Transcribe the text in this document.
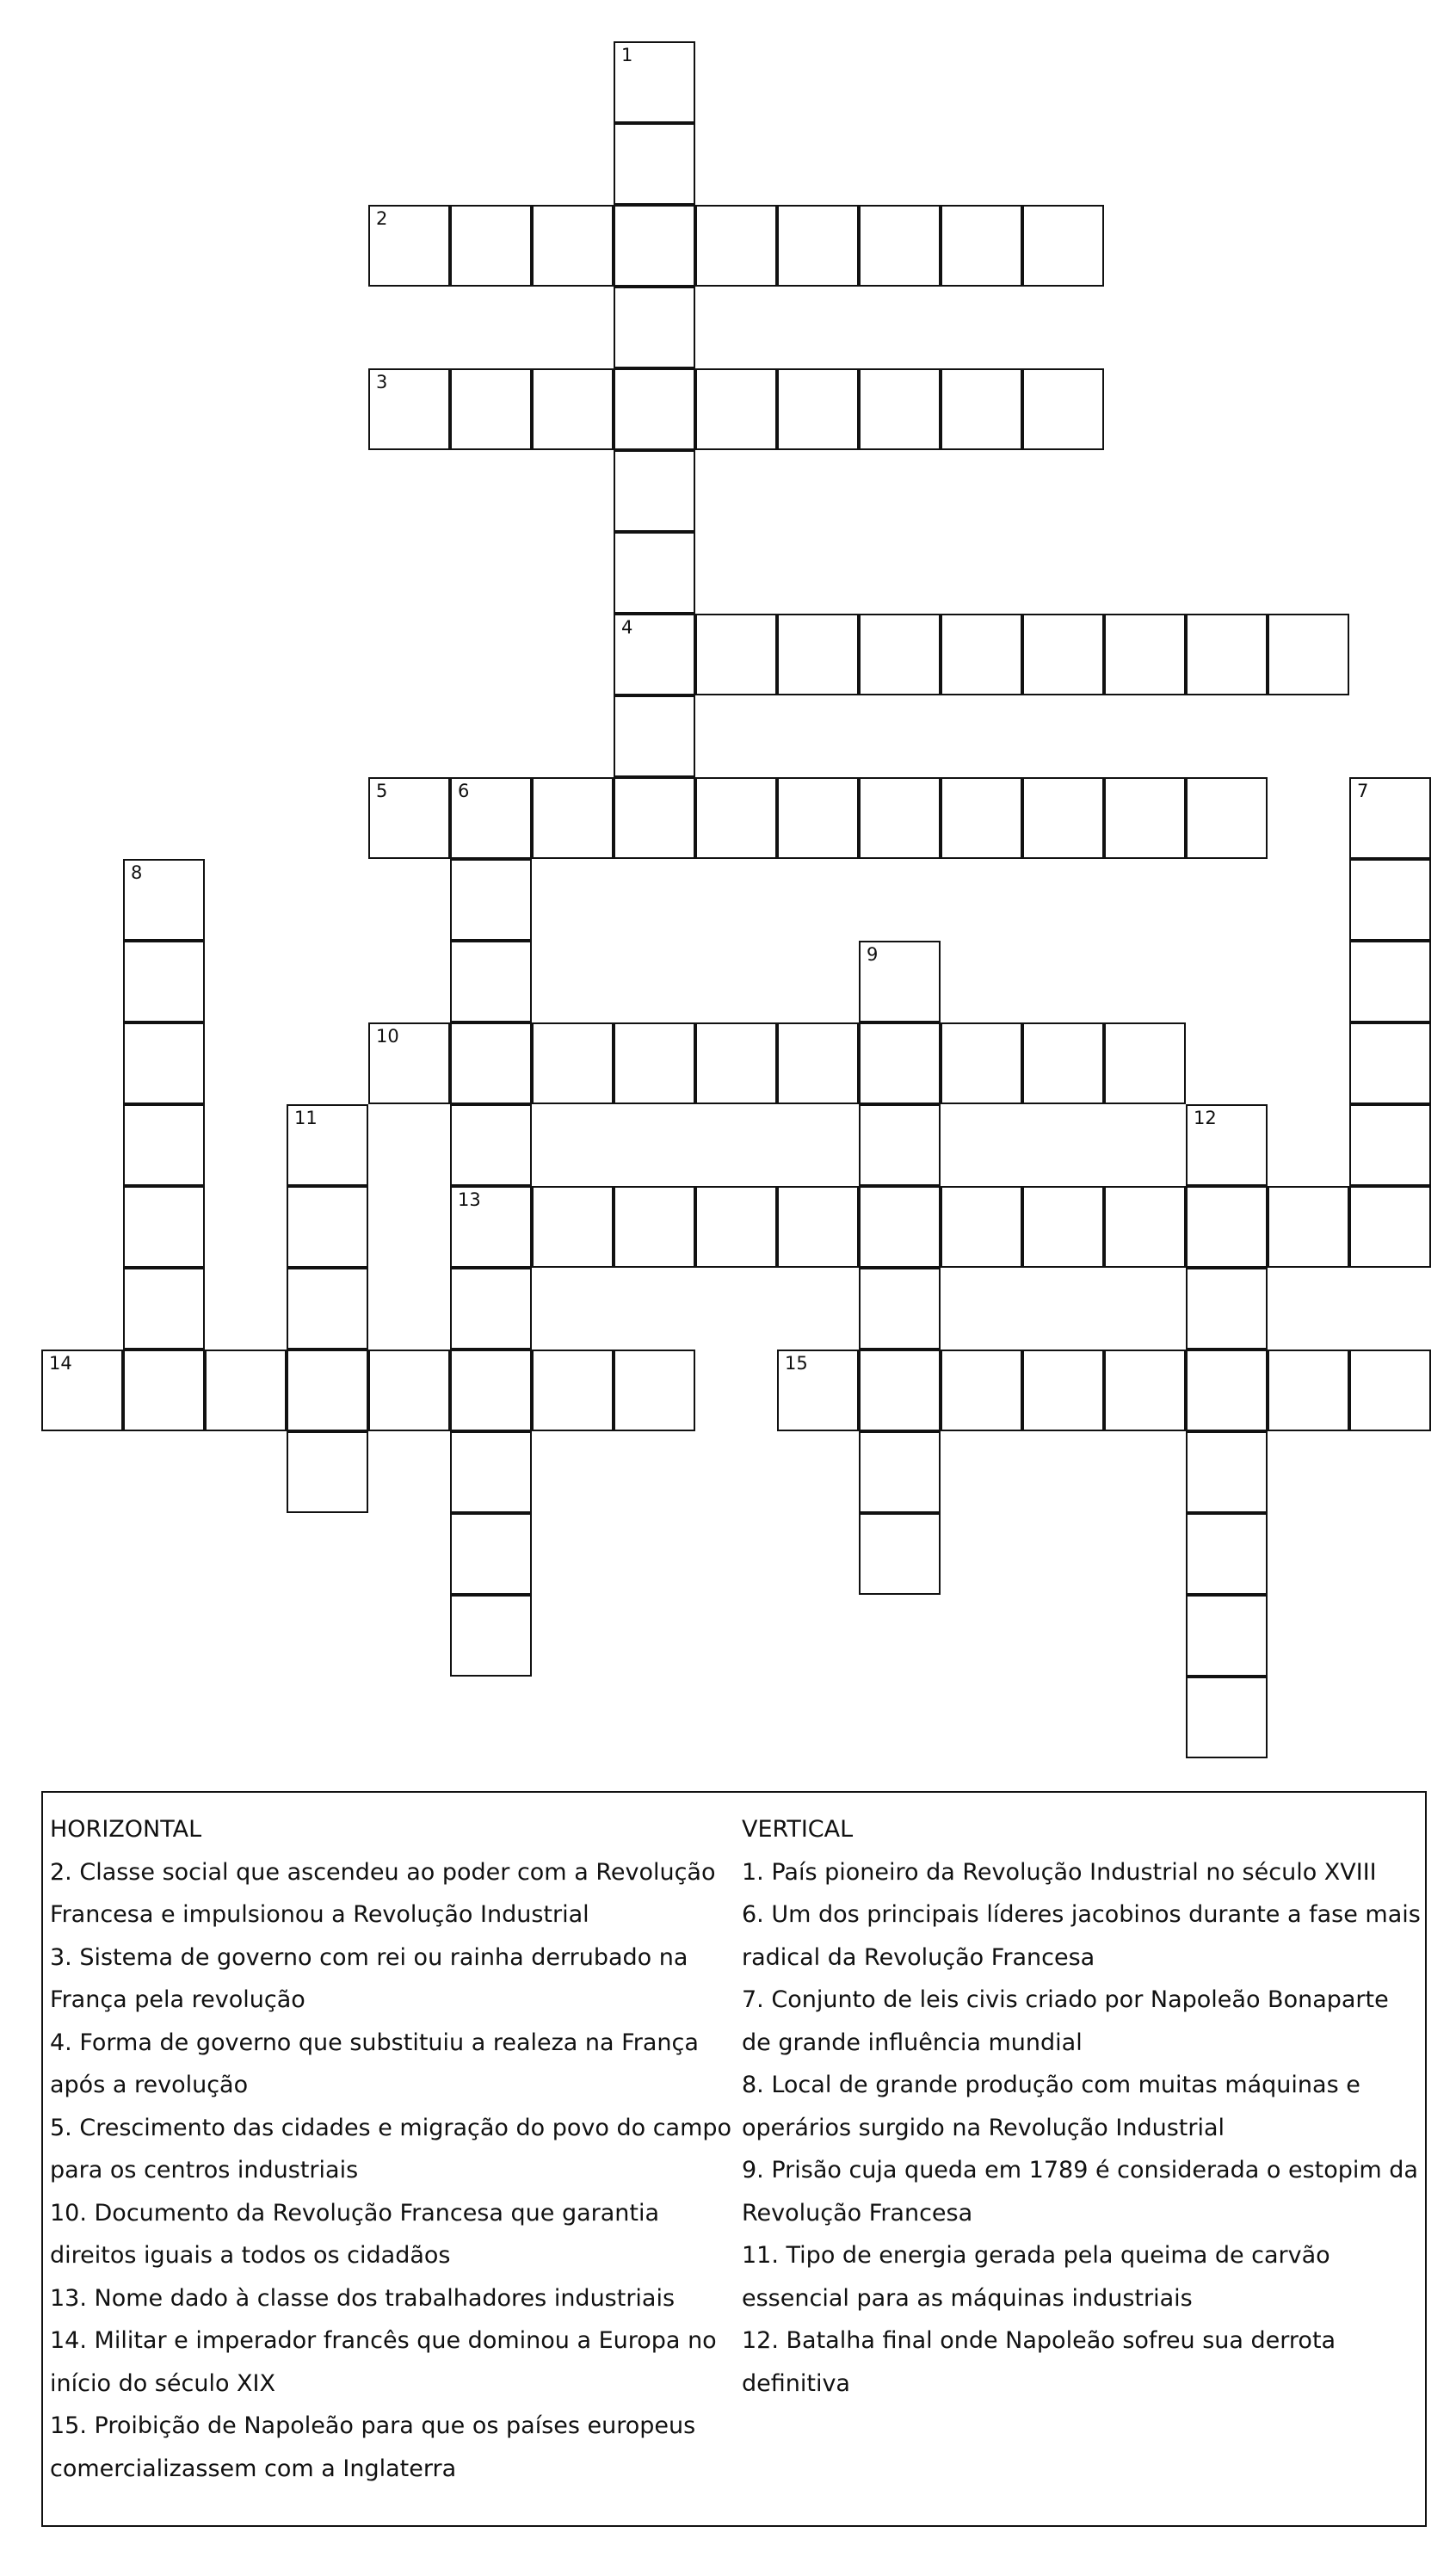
1
4
2
3
5	6
13
7
8
9
10
11	12
14	15
HORIZONTAL
2. Classe social que ascendeu ao poder com a Revolução Francesa e impulsionou a Revolução Industrial
3. Sistema de governo com rei ou rainha derrubado na França pela revolução
4. Forma de governo que substituiu a realeza na França após a revolução
5. Crescimento das cidades e migração do povo do campo para os centros industriais
10. Documento da Revolução Francesa que garantia direitos iguais a todos os cidadãos
13. Nome dado à classe dos trabalhadores industriais
14. Militar e imperador francês que dominou a Europa no início do século XIX
15. Proibição de Napoleão para que os países europeus comercializassem com a Inglaterra
VERTICAL
1. País pioneiro da Revolução Industrial no século XVIII
6. Um dos principais líderes jacobinos durante a fase mais radical da Revolução Francesa
7. Conjunto de leis civis criado por Napoleão Bonaparte de grande influência mundial
8. Local de grande produção com muitas máquinas e operários surgido na Revolução Industrial
9. Prisão cuja queda em 1789 é considerada o estopim da Revolução Francesa
11. Tipo de energia gerada pela queima de carvão essencial para as máquinas industriais
12. Batalha final onde Napoleão sofreu sua derrota definitiva
